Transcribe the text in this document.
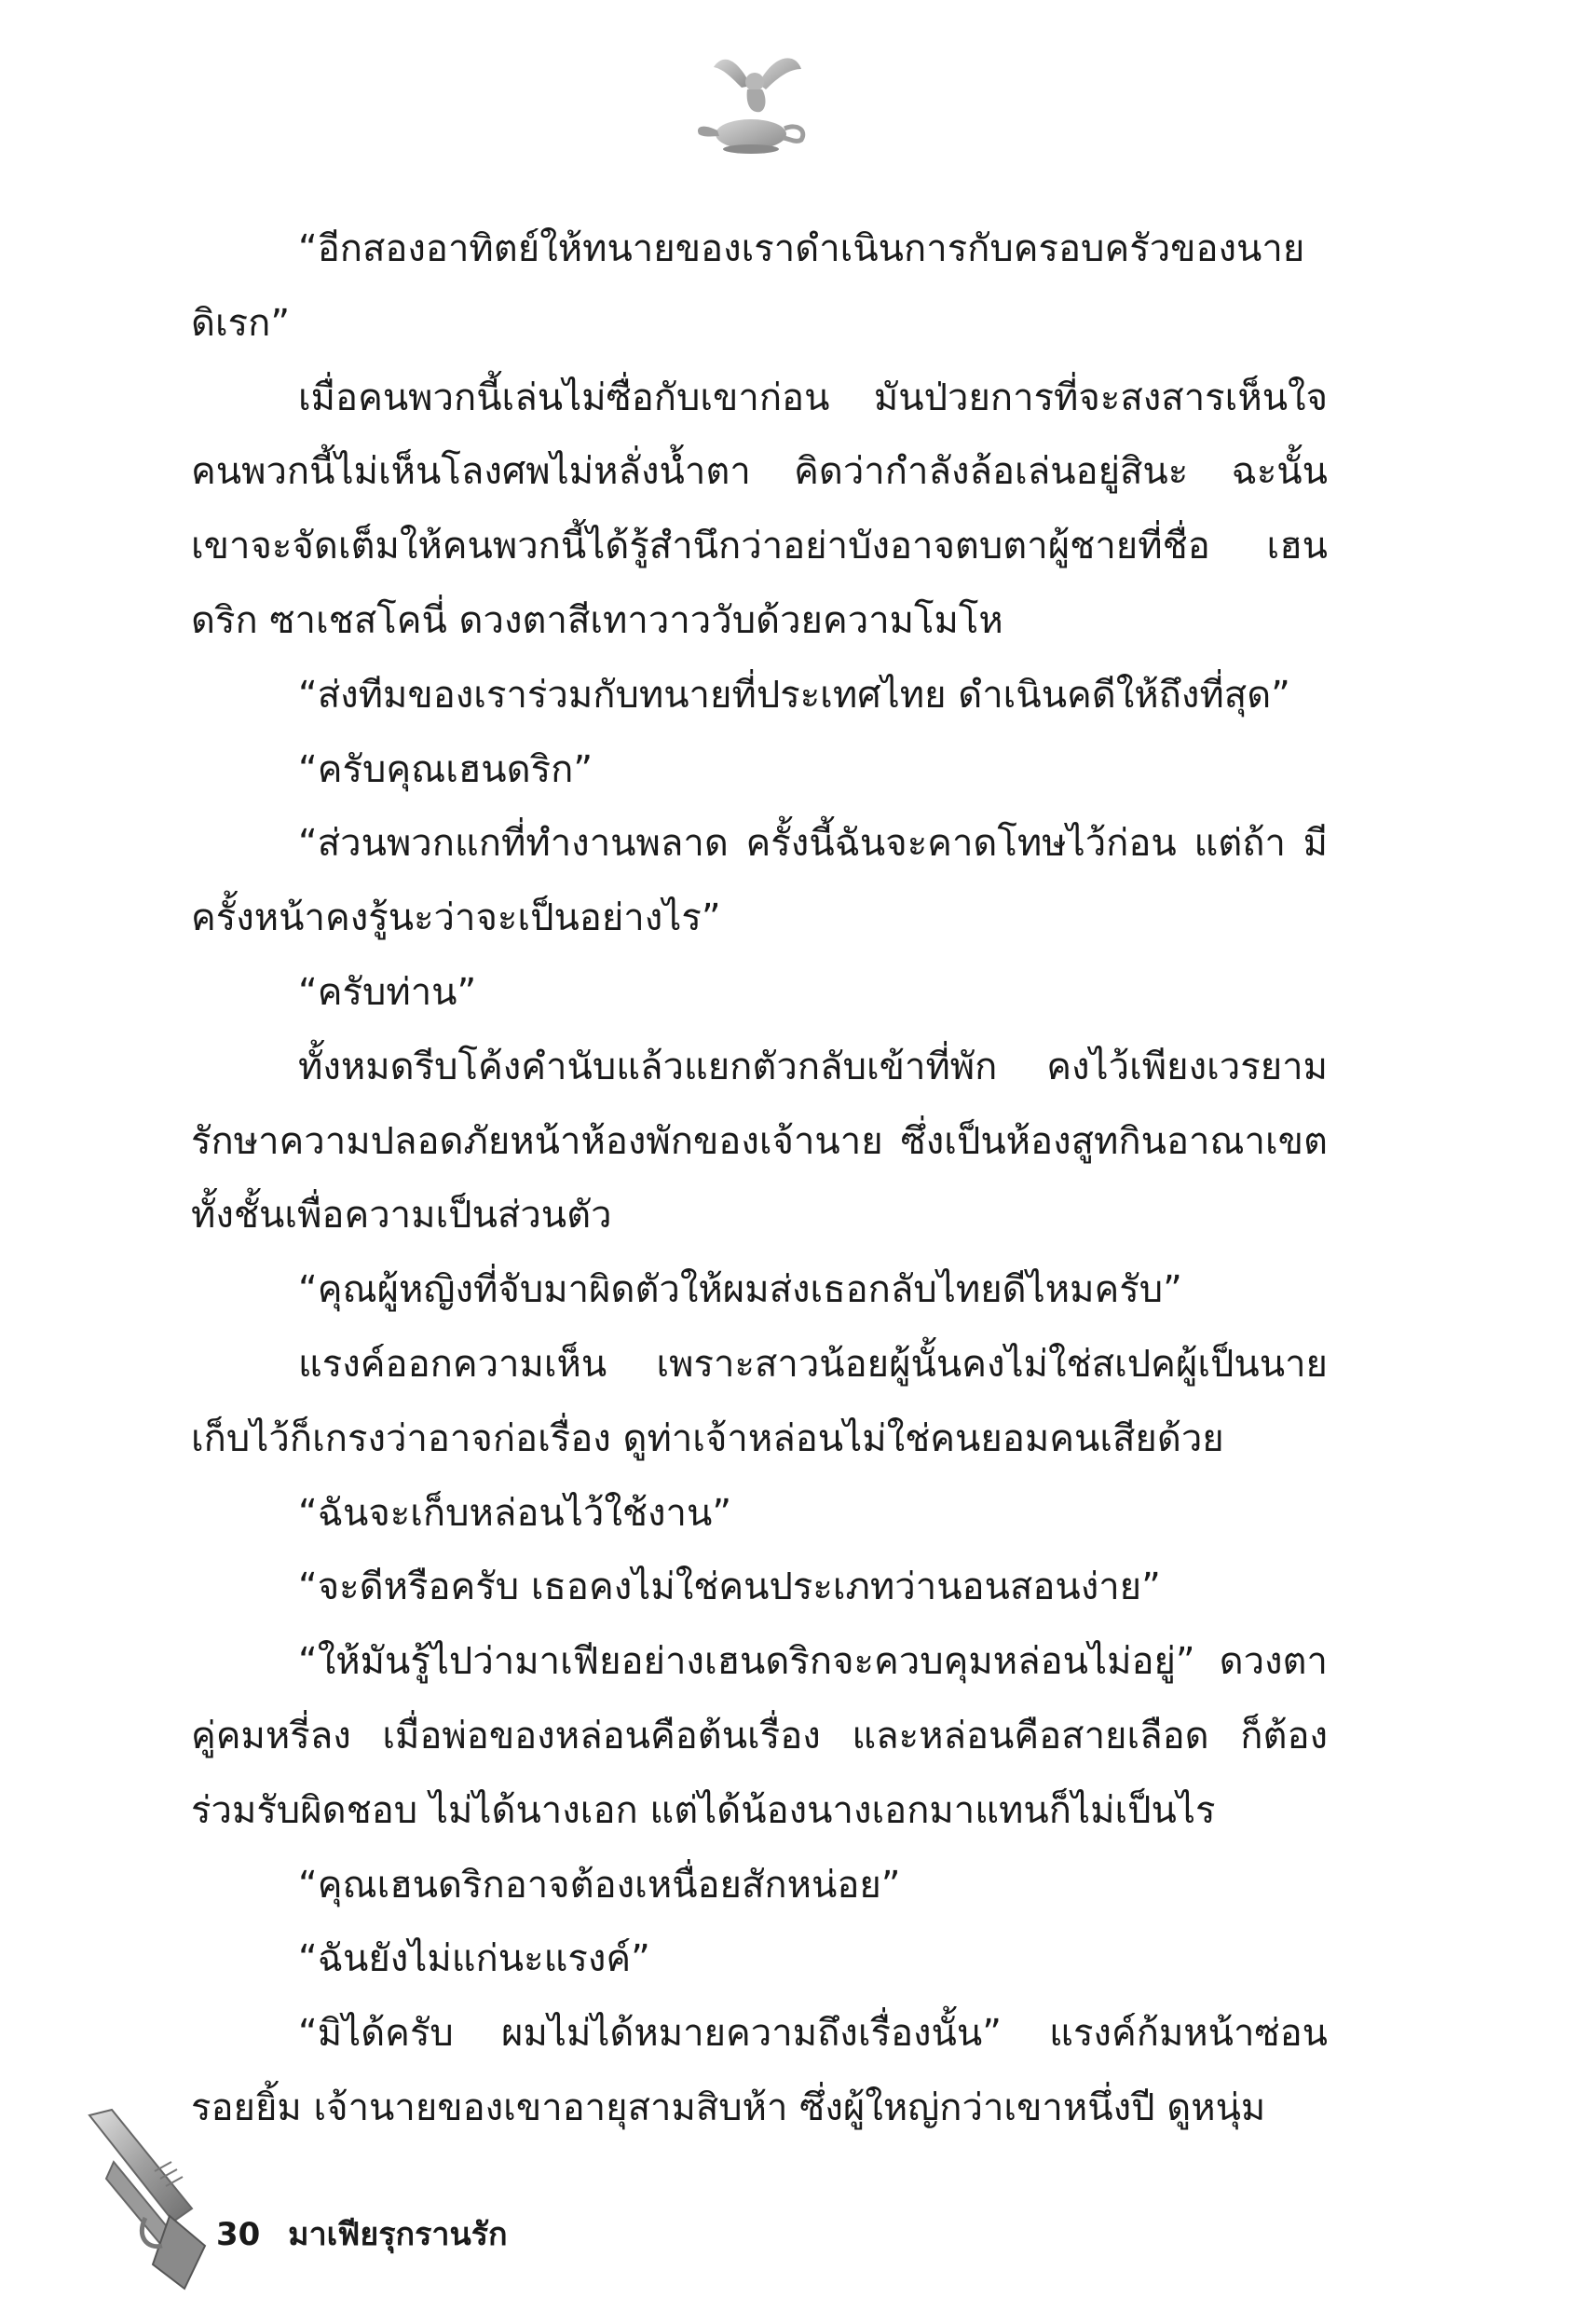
“อีกสองอาทิตย์ให้ทนายของเราดำเนินการกับครอบครัวของนายดิเรก”

เมื่อคนพวกนี้เล่นไม่ซื่อกับเขาก่อน มันป่วยการที่จะสงสารเห็นใจ คนพวกนี้ไม่เห็นโลงศพไม่หลั่งน้ำตา คิดว่ากำลังล้อเล่นอยู่สินะ ฉะนั้น เขาจะจัดเต็มให้คนพวกนี้ได้รู้สำนึกว่าอย่าบังอาจตบตาผู้ชายที่ชื่อ เฮนดริก ซาเชสโคนี่ ดวงตาสีเทาวาววับด้วยความโมโห

“ส่งทีมของเราร่วมกับทนายที่ประเทศไทย ดำเนินคดีให้ถึงที่สุด”

“ครับคุณเฮนดริก”

“ส่วนพวกแกที่ทำงานพลาด ครั้งนี้ฉันจะคาดโทษไว้ก่อน แต่ถ้า มีครั้งหน้าคงรู้นะว่าจะเป็นอย่างไร”

“ครับท่าน”

ทั้งหมดรีบโค้งคำนับแล้วแยกตัวกลับเข้าที่พัก คงไว้เพียงเวรยาม รักษาความปลอดภัยหน้าห้องพักของเจ้านาย ซึ่งเป็นห้องสูทกินอาณาเขต ทั้งชั้นเพื่อความเป็นส่วนตัว

“คุณผู้หญิงที่จับมาผิดตัวให้ผมส่งเธอกลับไทยดีไหมครับ”

แรงค์ออกความเห็น เพราะสาวน้อยผู้นั้นคงไม่ใช่สเปคผู้เป็นนาย เก็บไว้ก็เกรงว่าอาจก่อเรื่อง ดูท่าเจ้าหล่อนไม่ใช่คนยอมคนเสียด้วย

“ฉันจะเก็บหล่อนไว้ใช้งาน”

“จะดีหรือครับ เธอคงไม่ใช่คนประเภทว่านอนสอนง่าย”

“ให้มันรู้ไปว่ามาเฟียอย่างเฮนดริกจะควบคุมหล่อนไม่อยู่” ดวงตา คู่คมหรี่ลง เมื่อพ่อของหล่อนคือต้นเรื่อง และหล่อนคือสายเลือด ก็ต้อง ร่วมรับผิดชอบ ไม่ได้นางเอก แต่ได้น้องนางเอกมาแทนก็ไม่เป็นไร

“คุณเฮนดริกอาจต้องเหนื่อยสักหน่อย”

“ฉันยังไม่แก่นะแรงค์”

“มิได้ครับ ผมไม่ได้หมายความถึงเรื่องนั้น” แรงค์ก้มหน้าซ่อน รอยยิ้ม เจ้านายของเขาอายุสามสิบห้า ซึ่งผู้ใหญ่กว่าเขาหนึ่งปี ดูหนุ่ม

30 มาเฟียรุกรานรัก
